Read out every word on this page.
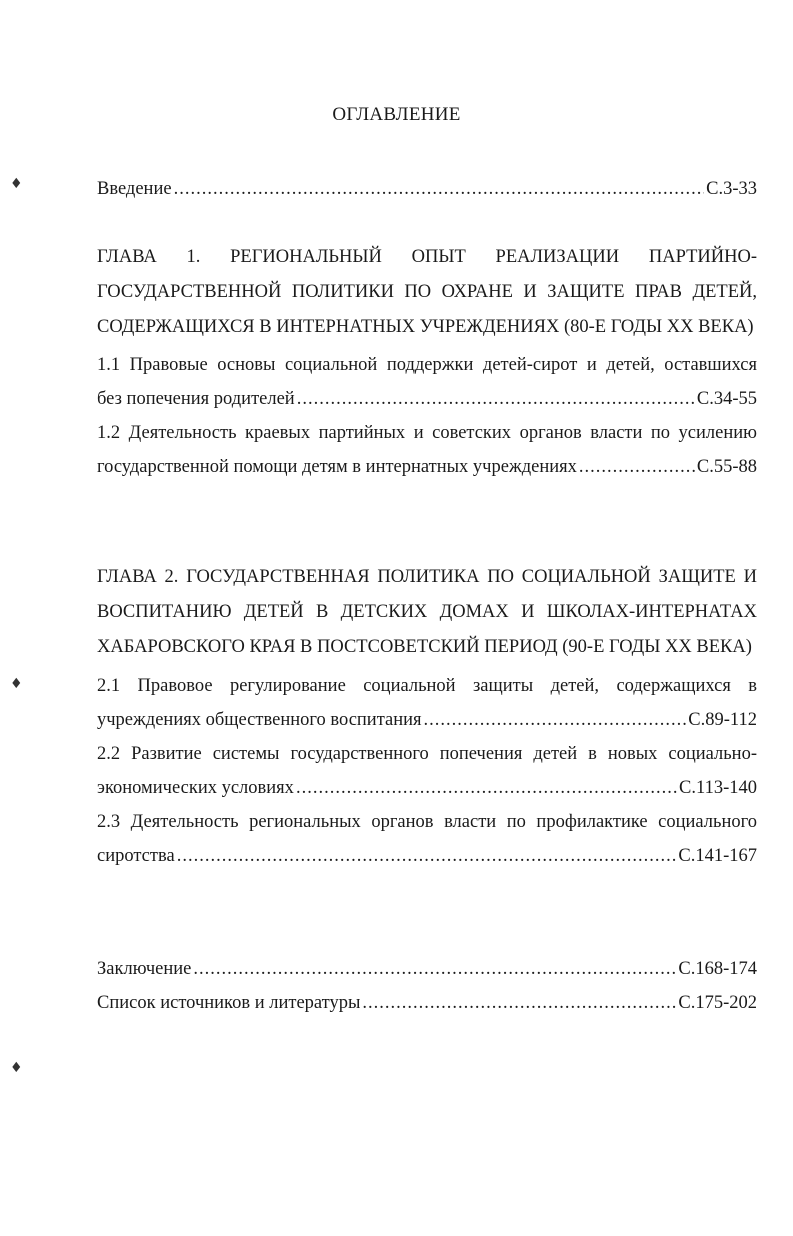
ОГЛАВЛЕНИЕ
♦
♦
♦
Введение .....	С.3-33

ГЛАВА 1. РЕГИОНАЛЬНЫЙ ОПЫТ РЕАЛИЗАЦИИ ПАРТИЙНО-ГОСУДАРСТВЕННОЙ ПОЛИТИКИ ПО ОХРАНЕ И ЗАЩИТЕ ПРАВ ДЕТЕЙ, СОДЕРЖАЩИХСЯ В ИНТЕРНАТНЫХ УЧРЕЖДЕНИЯХ (80-Е ГОДЫ ХХ ВЕКА)

1.1 Правовые основы социальной поддержки детей-сирот и детей, оставшихся

без попечения родителей .....	С.34-55

1.2 Деятельность краевых партийных и советских органов власти по усилению

государственной помощи детям в интернатных учреждениях .....	С.55-88

ГЛАВА 2. ГОСУДАРСТВЕННАЯ ПОЛИТИКА ПО СОЦИАЛЬНОЙ ЗАЩИТЕ И ВОСПИТАНИЮ ДЕТЕЙ В ДЕТСКИХ ДОМАХ И ШКОЛАХ-ИНТЕРНАТАХ ХАБАРОВСКОГО КРАЯ В ПОСТСОВЕТСКИЙ ПЕРИОД (90-Е ГОДЫ ХХ ВЕКА)

2.1 Правовое регулирование социальной защиты детей, содержащихся в

учреждениях общественного воспитания .....	С.89-112

2.2 Развитие системы государственного попечения детей в новых социально-

экономических условиях .....	С.113-140

2.3 Деятельность региональных органов власти по профилактике социального

сиротства .....	С.141-167
Заключение .....	С.168-174
Список источников и литературы .....	С.175-202
